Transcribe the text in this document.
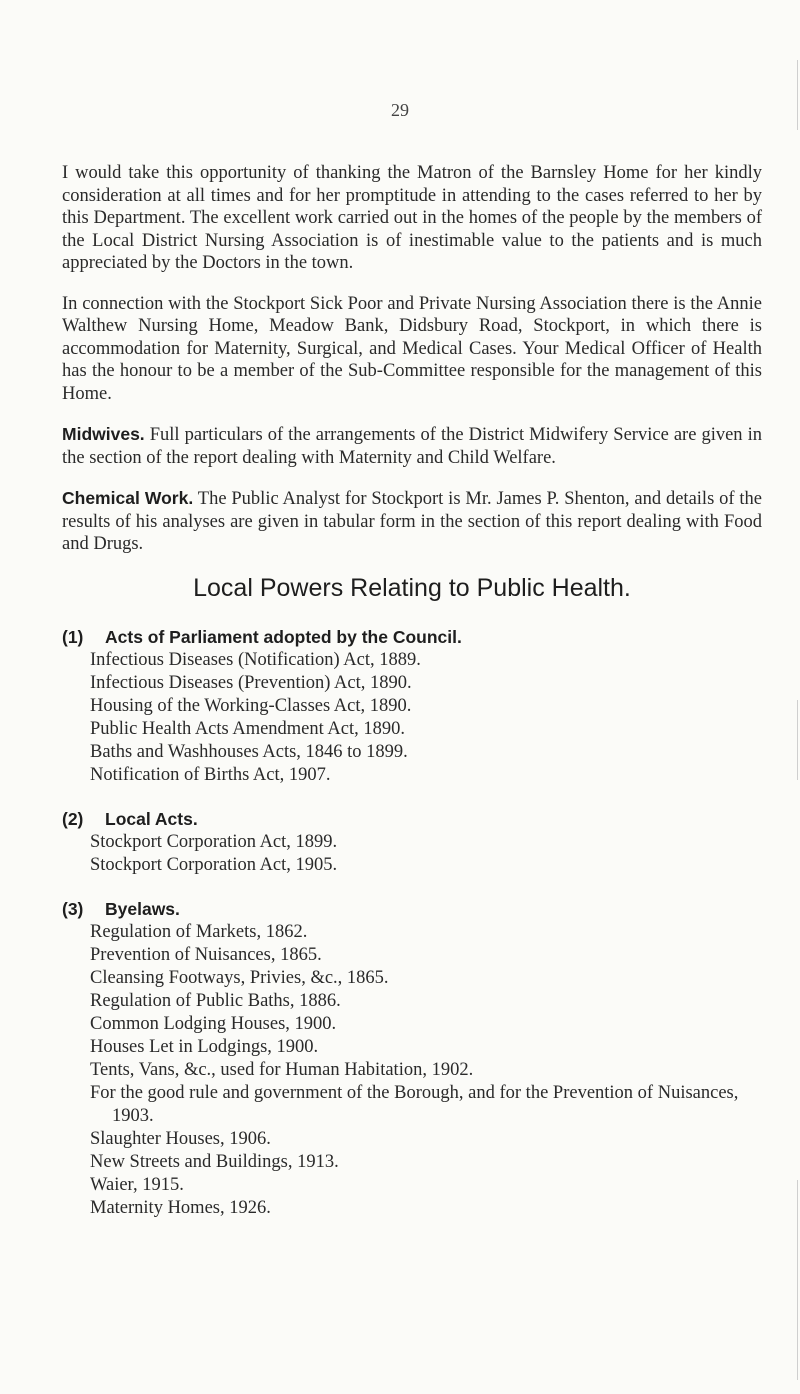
29

I would take this opportunity of thanking the Matron of the Barnsley Home for her kindly consideration at all times and for her promptitude in attending to the cases referred to her by this Department. The excellent work carried out in the homes of the people by the members of the Local District Nursing Association is of inestimable value to the patients and is much appreciated by the Doctors in the town.

In connection with the Stockport Sick Poor and Private Nursing Association there is the Annie Walthew Nursing Home, Meadow Bank, Didsbury Road, Stockport, in which there is accommodation for Maternity, Surgical, and Medical Cases. Your Medical Officer of Health has the honour to be a member of the Sub-Committee responsible for the management of this Home.

Midwives. Full particulars of the arrangements of the District Midwifery Service are given in the section of the report dealing with Maternity and Child Welfare.

Chemical Work. The Public Analyst for Stockport is Mr. James P. Shenton, and details of the results of his analyses are given in tabular form in the section of this report dealing with Food and Drugs.

Local Powers Relating to Public Health.
(1)	Acts of Parliament adopted by the Council.
Infectious Diseases (Notification) Act, 1889.
Infectious Diseases (Prevention) Act, 1890.
Housing of the Working-Classes Act, 1890.
Public Health Acts Amendment Act, 1890.
Baths and Washhouses Acts, 1846 to 1899.
Notification of Births Act, 1907.
(2)	Local Acts.
Stockport Corporation Act, 1899.
Stockport Corporation Act, 1905.
(3)	Byelaws.
Regulation of Markets, 1862.
Prevention of Nuisances, 1865.
Cleansing Footways, Privies, &c., 1865.
Regulation of Public Baths, 1886.
Common Lodging Houses, 1900.
Houses Let in Lodgings, 1900.
Tents, Vans, &c., used for Human Habitation, 1902.
For the good rule and government of the Borough, and for the Prevention of Nuisances, 1903.
Slaughter Houses, 1906.
New Streets and Buildings, 1913.
Waier, 1915.
Maternity Homes, 1926.
